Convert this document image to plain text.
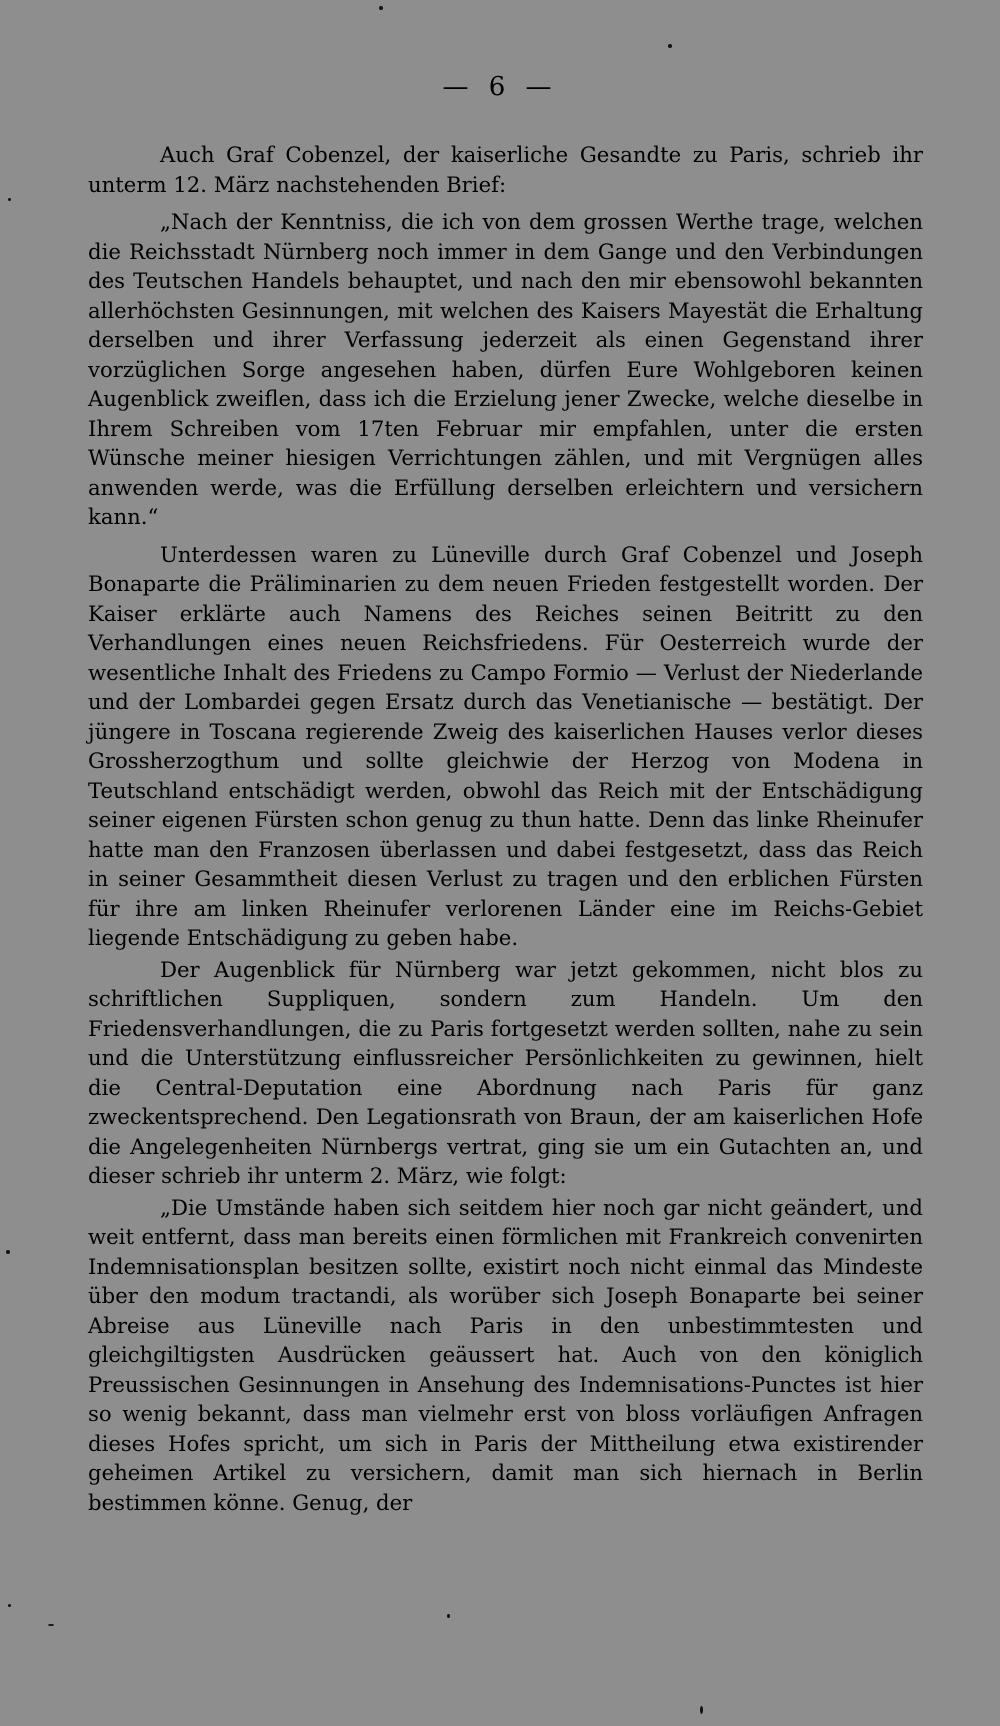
— 6 —

Auch Graf Cobenzel, der kaiserliche Gesandte zu Paris, schrieb ihr unterm 12. März nachstehenden Brief:

„Nach der Kenntniss, die ich von dem grossen Werthe trage, welchen die Reichsstadt Nürnberg noch immer in dem Gange und den Verbindungen des Teutschen Handels behauptet, und nach den mir ebensowohl bekannten allerhöchsten Gesinnungen, mit welchen des Kaisers Mayestät die Erhaltung derselben und ihrer Verfassung jederzeit als einen Gegenstand ihrer vorzüglichen Sorge angesehen haben, dürfen Eure Wohlgeboren keinen Augenblick zweiflen, dass ich die Erzielung jener Zwecke, welche dieselbe in Ihrem Schreiben vom 17ten Februar mir empfahlen, unter die ersten Wünsche meiner hiesigen Verrichtungen zählen, und mit Vergnügen alles anwenden werde, was die Erfüllung derselben erleichtern und versichern kann.“

Unterdessen waren zu Lüneville durch Graf Cobenzel und Joseph Bonaparte die Präliminarien zu dem neuen Frieden festgestellt worden. Der Kaiser erklärte auch Namens des Reiches seinen Beitritt zu den Verhandlungen eines neuen Reichsfriedens. Für Oesterreich wurde der wesentliche Inhalt des Friedens zu Campo Formio — Verlust der Niederlande und der Lombardei gegen Ersatz durch das Venetianische — bestätigt. Der jüngere in Toscana regierende Zweig des kaiserlichen Hauses verlor dieses Grossherzogthum und sollte gleichwie der Herzog von Modena in Teutschland entschädigt werden, obwohl das Reich mit der Entschädigung seiner eigenen Fürsten schon genug zu thun hatte. Denn das linke Rheinufer hatte man den Franzosen überlassen und dabei festgesetzt, dass das Reich in seiner Gesammtheit diesen Verlust zu tragen und den erblichen Fürsten für ihre am linken Rheinufer verlorenen Länder eine im Reichs-Gebiet liegende Entschädigung zu geben habe.

Der Augenblick für Nürnberg war jetzt gekommen, nicht blos zu schriftlichen Suppliquen, sondern zum Handeln. Um den Friedensverhandlungen, die zu Paris fortgesetzt werden sollten, nahe zu sein und die Unterstützung einflussreicher Persönlichkeiten zu gewinnen, hielt die Central-Deputation eine Abordnung nach Paris für ganz zweckentsprechend. Den Legationsrath von Braun, der am kaiserlichen Hofe die Angelegenheiten Nürnbergs vertrat, ging sie um ein Gutachten an, und dieser schrieb ihr unterm 2. März, wie folgt:

„Die Umstände haben sich seitdem hier noch gar nicht geändert, und weit entfernt, dass man bereits einen förmlichen mit Frankreich convenirten Indemnisationsplan besitzen sollte, existirt noch nicht einmal das Mindeste über den modum tractandi, als worüber sich Joseph Bonaparte bei seiner Abreise aus Lüneville nach Paris in den unbestimmtesten und gleichgiltigsten Ausdrücken geäussert hat. Auch von den königlich Preussischen Gesinnungen in Ansehung des Indemnisations-Punctes ist hier so wenig bekannt, dass man vielmehr erst von bloss vorläufigen Anfragen dieses Hofes spricht, um sich in Paris der Mittheilung etwa existirender geheimen Artikel zu versichern, damit man sich hiernach in Berlin bestimmen könne. Genug, der
